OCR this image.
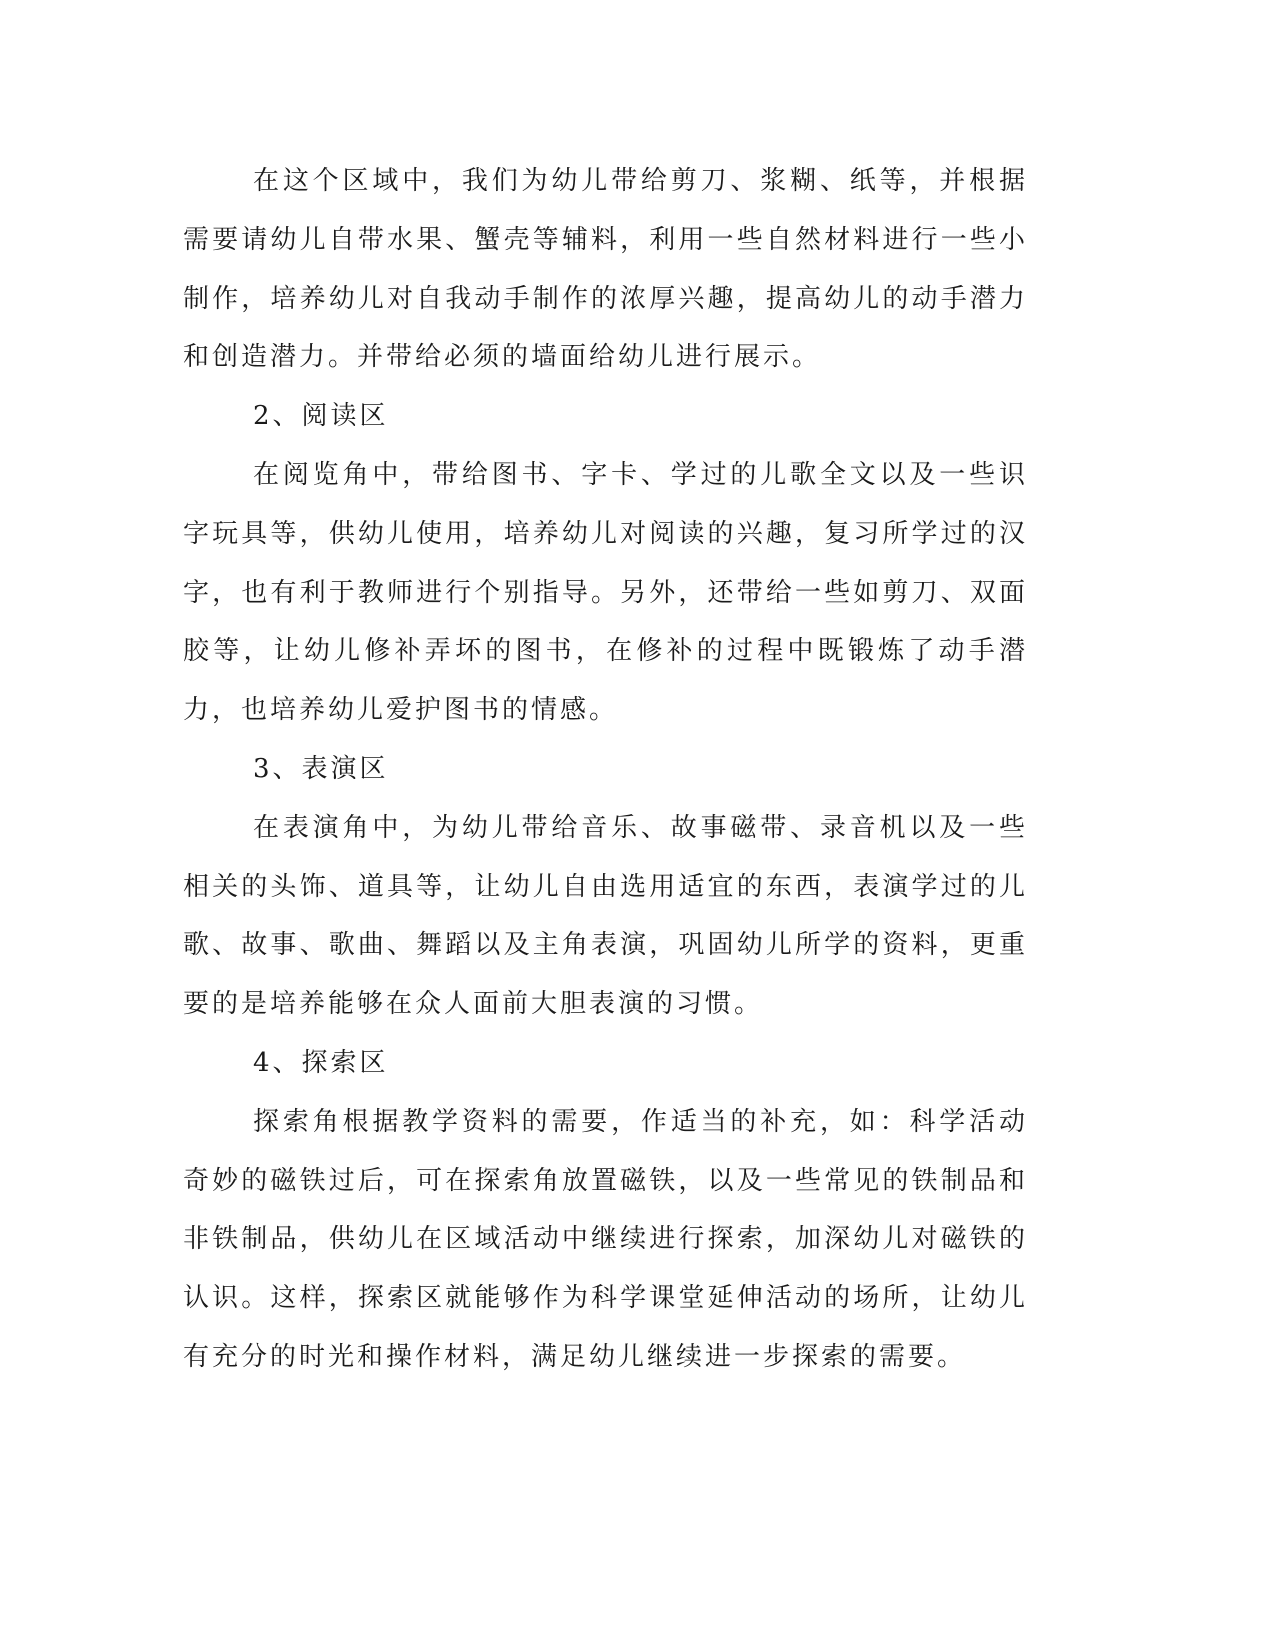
在这个区域中，我们为幼儿带给剪刀、浆糊、纸等，并根据需要请幼儿自带水果、蟹壳等辅料，利用一些自然材料进行一些小制作，培养幼儿对自我动手制作的浓厚兴趣，提高幼儿的动手潜力和创造潜力。并带给必须的墙面给幼儿进行展示。

2、阅读区

在阅览角中，带给图书、字卡、学过的儿歌全文以及一些识字玩具等，供幼儿使用，培养幼儿对阅读的兴趣，复习所学过的汉字，也有利于教师进行个别指导。另外，还带给一些如剪刀、双面胶等，让幼儿修补弄坏的图书，在修补的过程中既锻炼了动手潜力，也培养幼儿爱护图书的情感。

3、表演区

在表演角中，为幼儿带给音乐、故事磁带、录音机以及一些相关的头饰、道具等，让幼儿自由选用适宜的东西，表演学过的儿歌、故事、歌曲、舞蹈以及主角表演，巩固幼儿所学的资料，更重要的是培养能够在众人面前大胆表演的习惯。

4、探索区

探索角根据教学资料的需要，作适当的补充，如：科学活动奇妙的磁铁过后，可在探索角放置磁铁，以及一些常见的铁制品和非铁制品，供幼儿在区域活动中继续进行探索，加深幼儿对磁铁的认识。这样，探索区就能够作为科学课堂延伸活动的场所，让幼儿有充分的时光和操作材料，满足幼儿继续进一步探索的需要。
